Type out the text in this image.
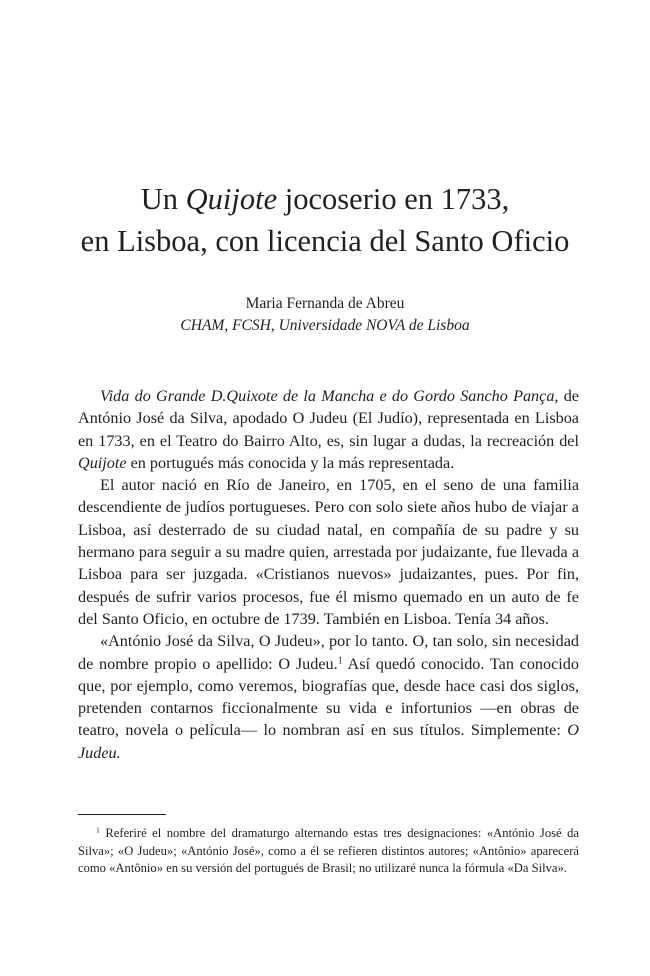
Un Quijote jocoserio en 1733,
en Lisboa, con licencia del Santo Oficio
Maria Fernanda de Abreu
CHAM, FCSH, Universidade NOVA de Lisboa

Vida do Grande D.Quixote de la Mancha e do Gordo Sancho Pança, de António José da Silva, apodado O Judeu (El Judío), representada en Lisboa en 1733, en el Teatro do Bairro Alto, es, sin lugar a dudas, la recreación del Quijote en portugués más conocida y la más representada.

El autor nació en Río de Janeiro, en 1705, en el seno de una familia descendiente de judíos portugueses. Pero con solo siete años hubo de viajar a Lisboa, así desterrado de su ciudad natal, en compañía de su padre y su hermano para seguir a su madre quien, arrestada por judaizante, fue llevada a Lisboa para ser juzgada. «Cristianos nuevos» judaizantes, pues. Por fin, después de sufrir varios procesos, fue él mismo quemado en un auto de fe del Santo Oficio, en octubre de 1739. También en Lisboa. Tenía 34 años.

«António José da Silva, O Judeu», por lo tanto. O, tan solo, sin necesidad de nombre propio o apellido: O Judeu.$^1$ Así quedó conocido. Tan conocido que, por ejemplo, como veremos, biografías que, desde hace casi dos siglos, pretenden contarnos ficcionalmente su vida e infortunios —en obras de teatro, novela o película— lo nombran así en sus títulos. Simplemente: O Judeu.

$^1$ Referiré el nombre del dramaturgo alternando estas tres designaciones: «António José da Silva»; «O Judeu»; «António José», como a él se refieren distintos autores; «Antônio» aparecerá como «Antônio» en su versión del portugués de Brasil; no utilizaré nunca la fórmula «Da Silva».
